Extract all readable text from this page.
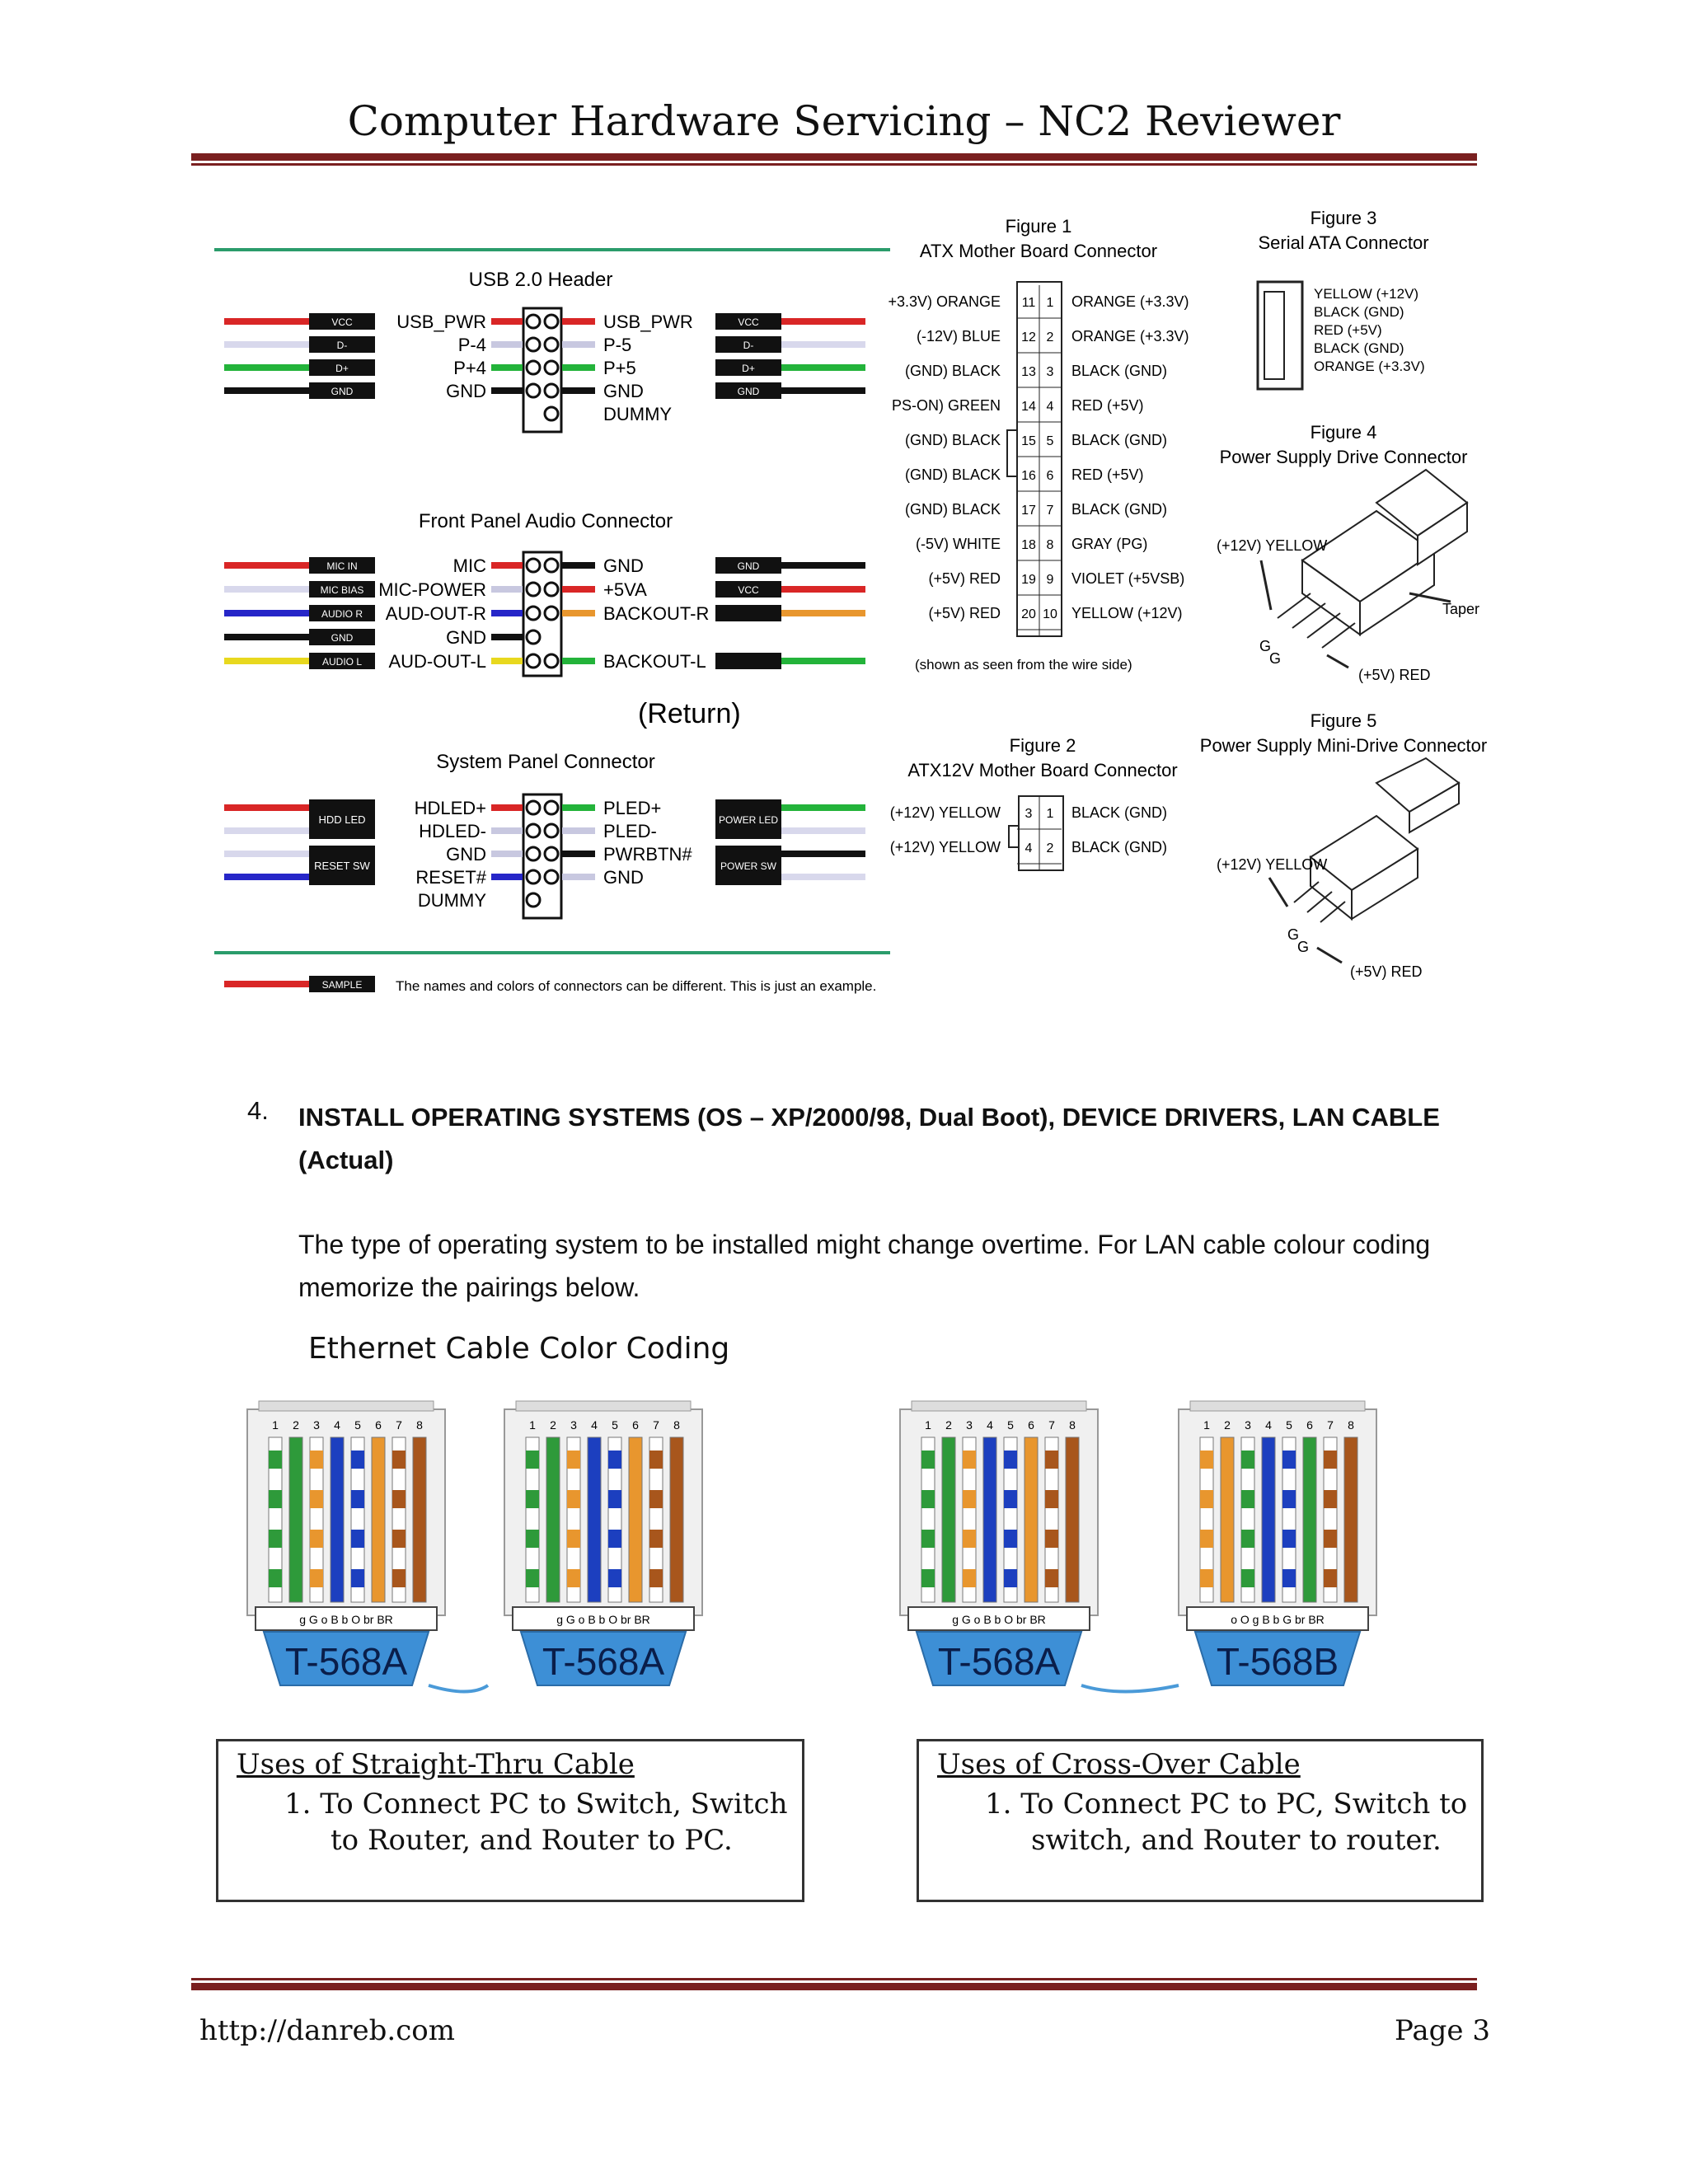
Computer Hardware Servicing – NC2 Reviewer
USB 2.0 Header
VCC
D-
D+
GND
USB_PWR
P-4
P+4
GND
USB_PWR
P-5
P+5
GND
DUMMY
VCC
D-
D+
GND
Front Panel Audio Connector
MIC IN
MIC BIAS
AUDIO R
GND
AUDIO L
MIC
MIC-POWER
AUD-OUT-R
GND
AUD-OUT-L
GND
+5VA
BACKOUT-R
BACKOUT-L
GND
VCC
(Return)
System Panel Connector
HDD LED
RESET SW
HDLED+
HDLED-
GND
RESET#
DUMMY
PLED+
PLED-
PWRBTN#
GND
POWER LED
POWER SW
SAMPLE The names and colors of connectors can be different. This is just an example.
Figure 1
ATX Mother Board Connector
+3.3V) ORANGE 11 1 ORANGE (+3.3V)
(-12V) BLUE 12 2 ORANGE (+3.3V)
(GND) BLACK 13 3 BLACK (GND)
PS-ON) GREEN 14 4 RED (+5V)
(GND) BLACK 15 5 BLACK (GND)
(GND) BLACK 16 6 RED (+5V)
(GND) BLACK 17 7 BLACK (GND)
(-5V) WHITE 18 8 GRAY (PG)
(+5V) RED 19 9 VIOLET (+5VSB)
(+5V) RED 20 10 YELLOW (+12V)
(shown as seen from the wire side)
Figure 2
ATX12V Mother Board Connector
(+12V) YELLOW 3 1 BLACK (GND)
(+12V) YELLOW 4 2 BLACK (GND)
Figure 3
Serial ATA Connector
YELLOW (+12V)
BLACK (GND)
RED (+5V)
BLACK (GND)
ORANGE (+3.3V)
Figure 4
Power Supply Drive Connector
(+12V) YELLOW
Taper
G
G
(+5V) RED
Figure 5
Power Supply Mini-Drive Connector
(+12V) YELLOW
G
G
(+5V) RED
4. INSTALL OPERATING SYSTEMS (OS – XP/2000/98, Dual Boot), DEVICE DRIVERS, LAN CABLE (Actual)
The type of operating system to be installed might change overtime. For LAN cable colour coding memorize the pairings below.
Ethernet Cable Color Coding
1 2 3 4 5 6 7 8
g G o B b O br BR
T-568A
1 2 3 4 5 6 7 8
g G o B b O br BR
T-568A
1 2 3 4 5 6 7 8
g G o B b O br BR
T-568A
1 2 3 4 5 6 7 8
o O g B b G br BR
T-568B
Uses of Straight-Thru Cable
1. To Connect PC to Switch, Switch
to Router, and Router to PC.
Uses of Cross-Over Cable
1. To Connect PC to PC, Switch to
switch, and Router to router.
http://danreb.com	Page 3
